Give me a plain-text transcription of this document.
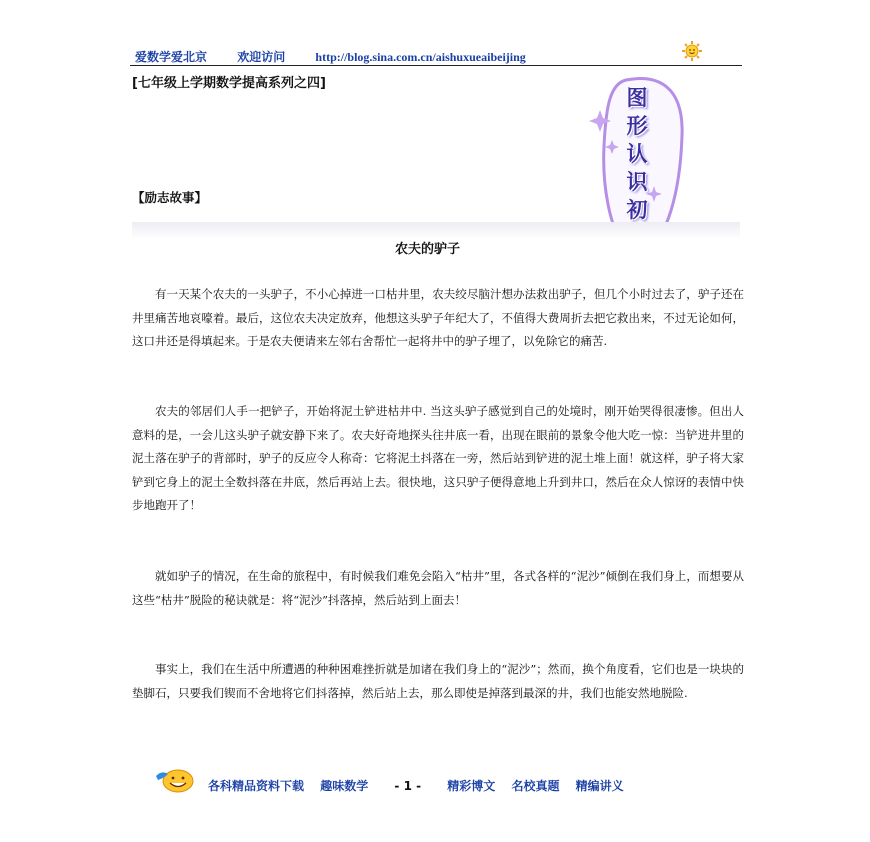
爱数学爱北京	欢迎访问	http://blog.sina.com.cn/aishuxueaibeijing
[七年级上学期数学提高系列之四]
图
形
认
识
初
【励志故事】
农夫的驴子
有一天某个农夫的一头驴子，不小心掉进一口枯井里，农夫绞尽脑汁想办法救出驴子，但几个小时过去了，驴子还在井里痛苦地哀嚎着。最后，这位农夫决定放弃，他想这头驴子年纪大了，不值得大费周折去把它救出来，不过无论如何，这口井还是得填起来。于是农夫便请来左邻右舍帮忙一起将井中的驴子埋了，以免除它的痛苦.
农夫的邻居们人手一把铲子，开始将泥土铲进枯井中. 当这头驴子感觉到自己的处境时，刚开始哭得很凄惨。但出人意料的是，一会儿这头驴子就安静下来了。农夫好奇地探头往井底一看，出现在眼前的景象令他大吃一惊：当铲进井里的泥土落在驴子的背部时，驴子的反应令人称奇：它将泥土抖落在一旁，然后站到铲进的泥土堆上面！就这样，驴子将大家铲到它身上的泥土全数抖落在井底，然后再站上去。很快地，这只驴子便得意地上升到井口，然后在众人惊讶的表情中快步地跑开了！
就如驴子的情况，在生命的旅程中，有时候我们难免会陷入“枯井”里，各式各样的“泥沙”倾倒在我们身上，而想要从这些“枯井”脱险的秘诀就是：将“泥沙”抖落掉，然后站到上面去！
事实上，我们在生活中所遭遇的种种困难挫折就是加诸在我们身上的“泥沙”；然而，换个角度看，它们也是一块块的垫脚石，只要我们锲而不舍地将它们抖落掉，然后站上去，那么即使是掉落到最深的井，我们也能安然地脱险.
各科精品资料下载 趣味数学 - 1 - 精彩博文 名校真题 精编讲义
